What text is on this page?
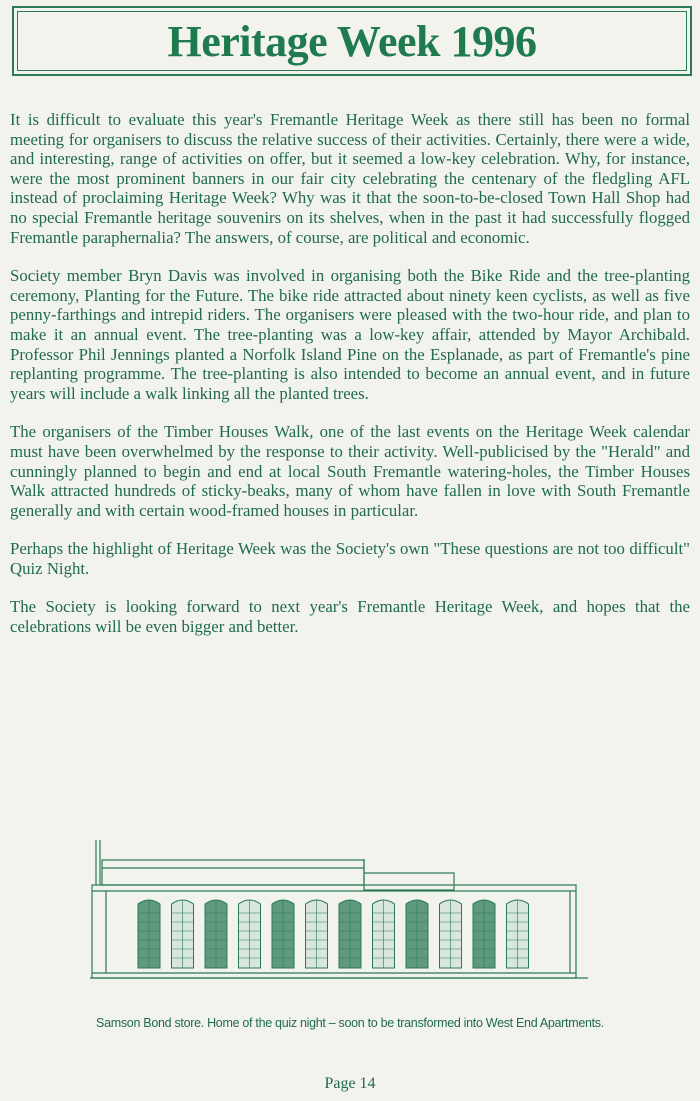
Heritage Week 1996

It is difficult to evaluate this year's Fremantle Heritage Week as there still has been no formal meeting for organisers to discuss the relative success of their activities. Certainly, there were a wide, and interesting, range of activities on offer, but it seemed a low-key celebration. Why, for instance, were the most prominent banners in our fair city celebrating the centenary of the fledgling AFL instead of proclaiming Heritage Week? Why was it that the soon-to-be-closed Town Hall Shop had no special Fremantle heritage souvenirs on its shelves, when in the past it had successfully flogged Fremantle paraphernalia? The answers, of course, are political and economic.

Society member Bryn Davis was involved in organising both the Bike Ride and the tree-planting ceremony, Planting for the Future. The bike ride attracted about ninety keen cyclists, as well as five penny-farthings and intrepid riders. The organisers were pleased with the two-hour ride, and plan to make it an annual event. The tree-planting was a low-key affair, attended by Mayor Archibald. Professor Phil Jennings planted a Norfolk Island Pine on the Esplanade, as part of Fremantle's pine replanting programme. The tree-planting is also intended to become an annual event, and in future years will include a walk linking all the planted trees.

The organisers of the Timber Houses Walk, one of the last events on the Heritage Week calendar must have been overwhelmed by the response to their activity. Well-publicised by the "Herald" and cunningly planned to begin and end at local South Fremantle watering-holes, the Timber Houses Walk attracted hundreds of sticky-beaks, many of whom have fallen in love with South Fremantle generally and with certain wood-framed houses in particular.

Perhaps the highlight of Heritage Week was the Society's own "These questions are not too difficult" Quiz Night.

The Society is looking forward to next year's Fremantle Heritage Week, and hopes that the celebrations will be even bigger and better.

Samson Bond store. Home of the quiz night – soon to be transformed into West End Apartments.
Page 14
